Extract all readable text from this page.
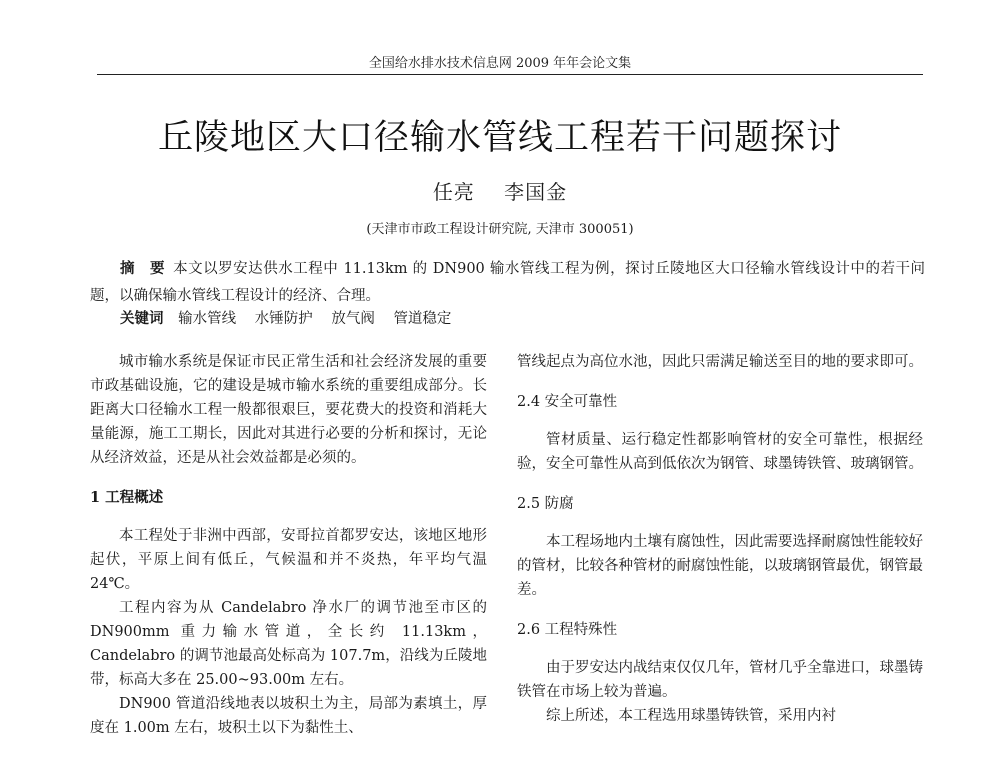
全国给水排水技术信息网 2009 年年会论文集
丘陵地区大口径输水管线工程若干问题探讨
任亮 李国金
(天津市市政工程设计研究院, 天津市 300051)
摘　要 本文以罗安达供水工程中 11.13km 的 DN900 输水管线工程为例，探讨丘陵地区大口径输水管线设计中的若干问题，以确保输水管线工程设计的经济、合理。
关键词 输水管线 水锤防护 放气阀 管道稳定

城市输水系统是保证市民正常生活和社会经济发展的重要市政基础设施，它的建设是城市输水系统的重要组成部分。长距离大口径输水工程一般都很艰巨，要花费大的投资和消耗大量能源，施工工期长，因此对其进行必要的分析和探讨，无论从经济效益，还是从社会效益都是必须的。

1 工程概述

本工程处于非洲中西部，安哥拉首都罗安达，该地区地形起伏，平原上间有低丘，气候温和并不炎热，年平均气温 24℃。

工程内容为从 Candelabro 净水厂的调节池至市区的 DN900mm 重力输水管道，全长约 11.13km，Candelabro 的调节池最高处标高为 107.7m，沿线为丘陵地带，标高大多在 25.00~93.00m 左右。

DN900 管道沿线地表以坡积土为主，局部为素填土，厚度在 1.00m 左右，坡积土以下为黏性土、

管线起点为高位水池，因此只需满足输送至目的地的要求即可。

2.4 安全可靠性

管材质量、运行稳定性都影响管材的安全可靠性，根据经验，安全可靠性从高到低依次为钢管、球墨铸铁管、玻璃钢管。

2.5 防腐

本工程场地内土壤有腐蚀性，因此需要选择耐腐蚀性能较好的管材，比较各种管材的耐腐蚀性能，以玻璃钢管最优，钢管最差。

2.6 工程特殊性

由于罗安达内战结束仅仅几年，管材几乎全靠进口，球墨铸铁管在市场上较为普遍。

综上所述，本工程选用球墨铸铁管，采用内衬
